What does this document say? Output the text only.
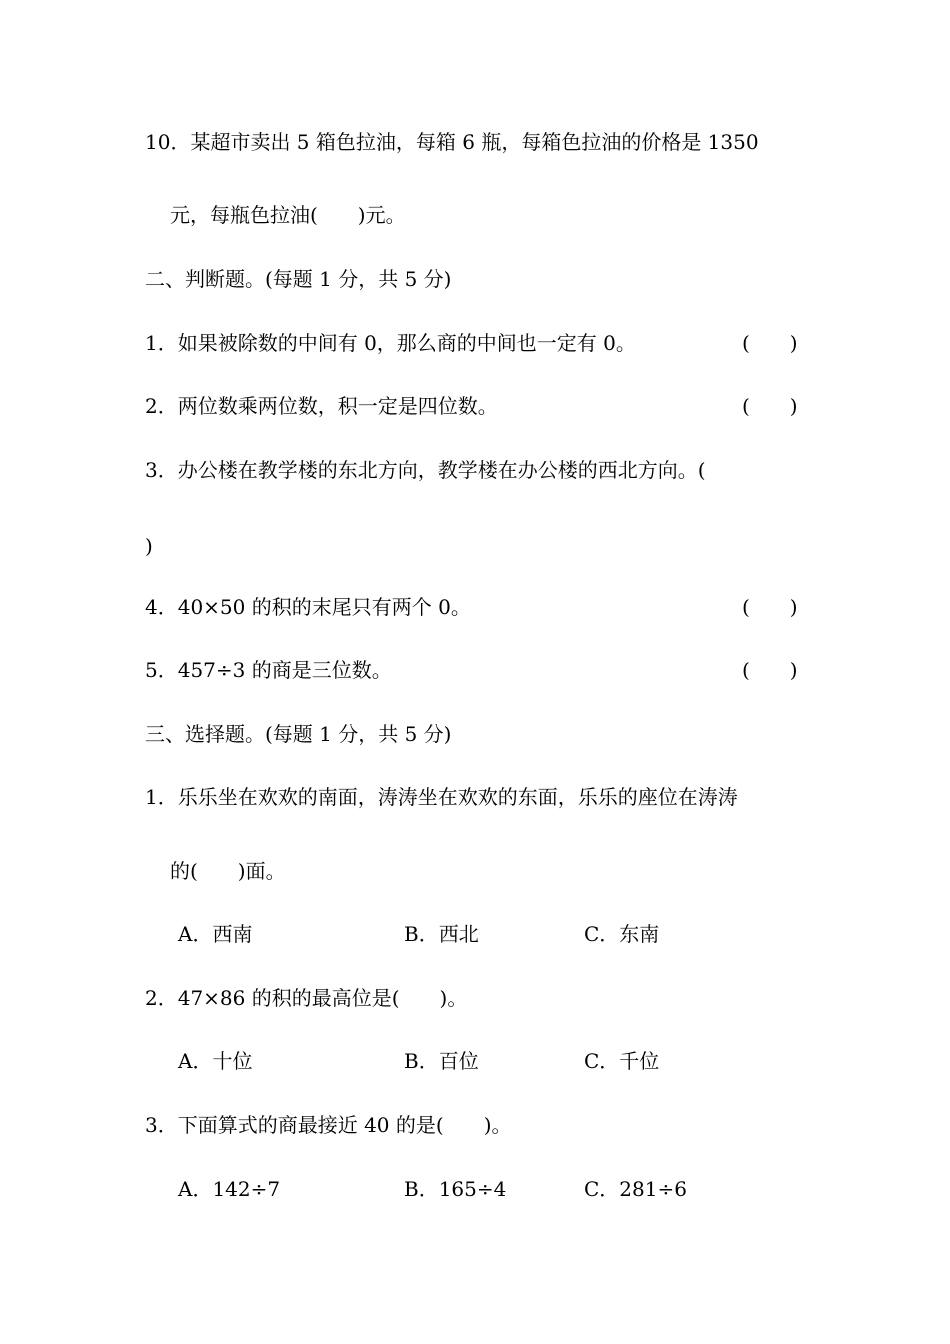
10．某超市卖出 5 箱色拉油，每箱 6 瓶，每箱色拉油的价格是 1350
元，每瓶色拉油(　　)元。
二、判断题。(每题 1 分，共 5 分)
1．如果被除数的中间有 0，那么商的中间也一定有 0。	(　　)
2．两位数乘两位数，积一定是四位数。	(　　)
3．办公楼在教学楼的东北方向，教学楼在办公楼的西北方向。(
)
4．40×50 的积的末尾只有两个 0。	(　　)
5．457÷3 的商是三位数。	(　　)
三、选择题。(每题 1 分，共 5 分)
1．乐乐坐在欢欢的南面，涛涛坐在欢欢的东面，乐乐的座位在涛涛
的(　　)面。
A．西南	B．西北	C．东南
2．47×86 的积的最高位是(　　)。
A．十位	B．百位	C．千位
3．下面算式的商最接近 40 的是(　　)。
A．142÷7	B．165÷4	C．281÷6
